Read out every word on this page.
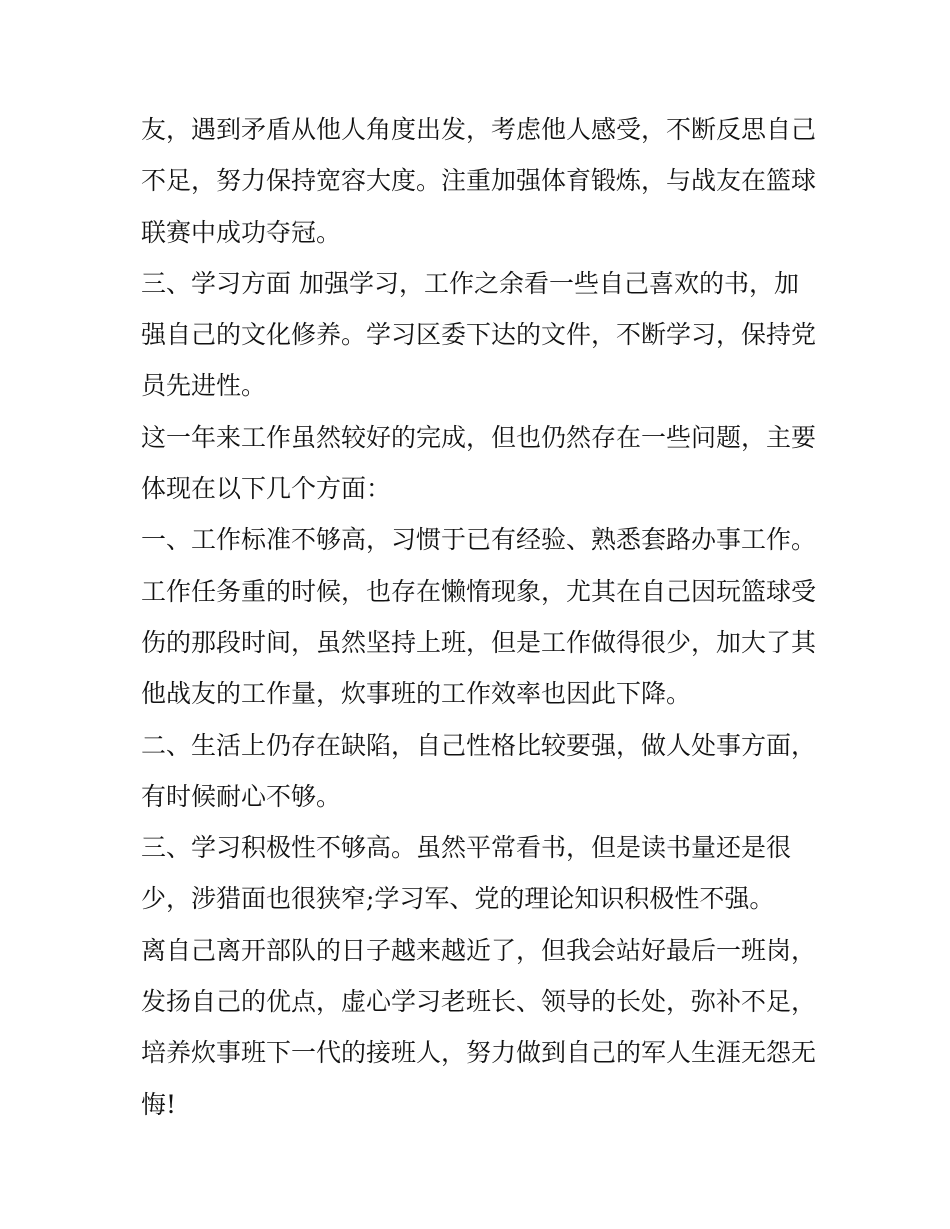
友，遇到矛盾从他人角度出发，考虑他人感受，不断反思自己
不足，努力保持宽容大度。注重加强体育锻炼，与战友在篮球
联赛中成功夺冠。
三、学习方面 加强学习，工作之余看一些自己喜欢的书，加
强自己的文化修养。学习区委下达的文件，不断学习，保持党
员先进性。
这一年来工作虽然较好的完成，但也仍然存在一些问题，主要
体现在以下几个方面：
一、工作标准不够高，习惯于已有经验、熟悉套路办事工作。
工作任务重的时候，也存在懒惰现象，尤其在自己因玩篮球受
伤的那段时间，虽然坚持上班，但是工作做得很少，加大了其
他战友的工作量，炊事班的工作效率也因此下降。
二、生活上仍存在缺陷，自己性格比较要强，做人处事方面，
有时候耐心不够。
三、学习积极性不够高。虽然平常看书，但是读书量还是很
少，涉猎面也很狭窄;学习军、党的理论知识积极性不强。
离自己离开部队的日子越来越近了，但我会站好最后一班岗，
发扬自己的优点，虚心学习老班长、领导的长处，弥补不足，
培养炊事班下一代的接班人，努力做到自己的军人生涯无怨无
悔!
